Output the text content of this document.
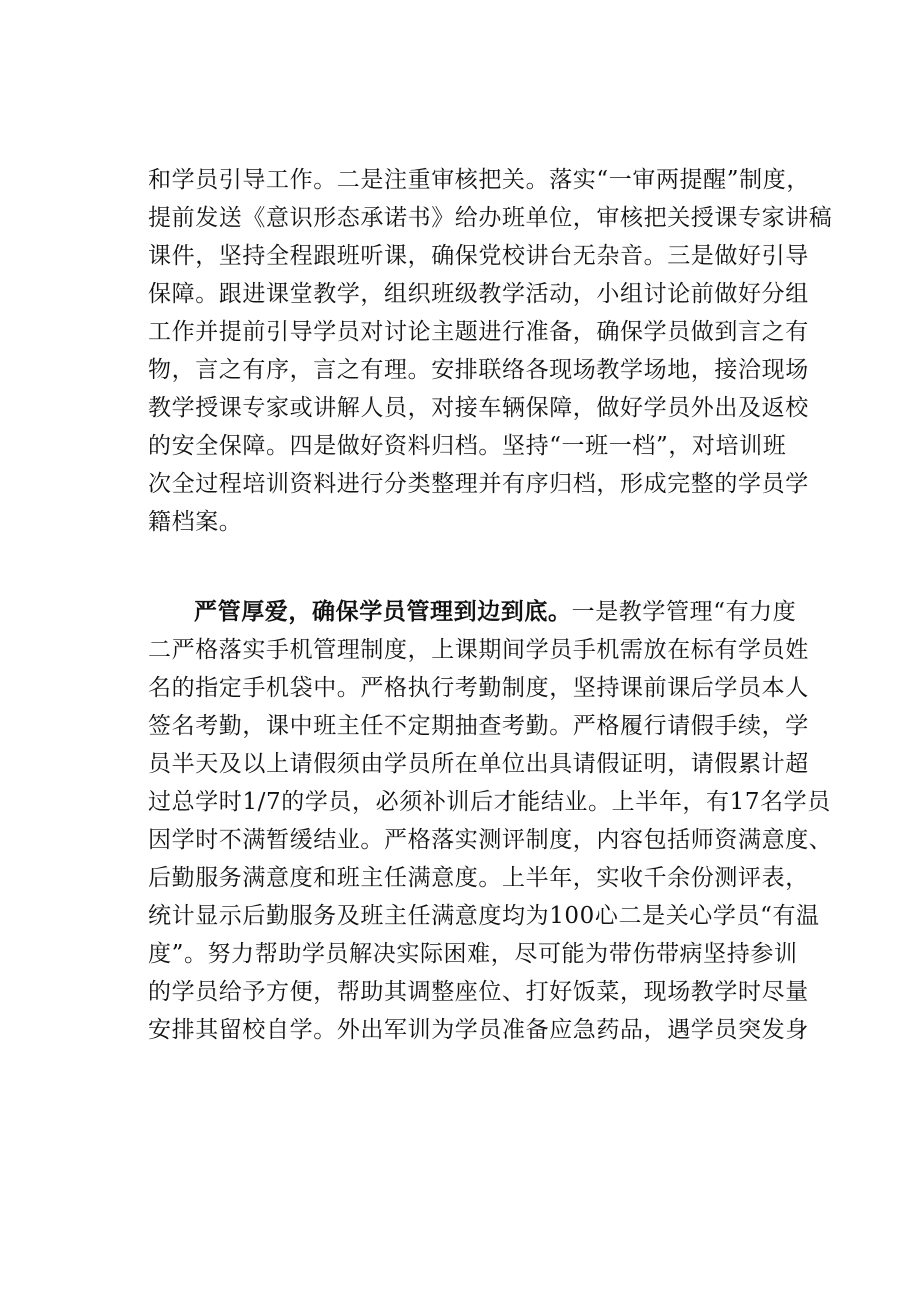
和学员引导工作。二是注重审核把关。落实“一审两提醒”制度，
提前发送《意识形态承诺书》给办班单位，审核把关授课专家讲稿
课件，坚持全程跟班听课，确保党校讲台无杂音。三是做好引导
保障。跟进课堂教学，组织班级教学活动，小组讨论前做好分组
工作并提前引导学员对讨论主题进行准备，确保学员做到言之有
物，言之有序，言之有理。安排联络各现场教学场地，接洽现场
教学授课专家或讲解人员，对接车辆保障，做好学员外出及返校
的安全保障。四是做好资料归档。坚持“一班一档”，对培训班
次全过程培训资料进行分类整理并有序归档，形成完整的学员学
籍档案。
严管厚爱，确保学员管理到边到底。一是教学管理“有力度
二严格落实手机管理制度，上课期间学员手机需放在标有学员姓
名的指定手机袋中。严格执行考勤制度，坚持课前课后学员本人
签名考勤，课中班主任不定期抽查考勤。严格履行请假手续，学
员半天及以上请假须由学员所在单位出具请假证明，请假累计超
过总学时1/7的学员，必须补训后才能结业。上半年，有17名学员
因学时不满暂缓结业。严格落实测评制度，内容包括师资满意度、
后勤服务满意度和班主任满意度。上半年，实收千余份测评表，
统计显示后勤服务及班主任满意度均为100心二是关心学员“有温
度”。努力帮助学员解决实际困难，尽可能为带伤带病坚持参训
的学员给予方便，帮助其调整座位、打好饭菜，现场教学时尽量
安排其留校自学。外出军训为学员准备应急药品，遇学员突发身
